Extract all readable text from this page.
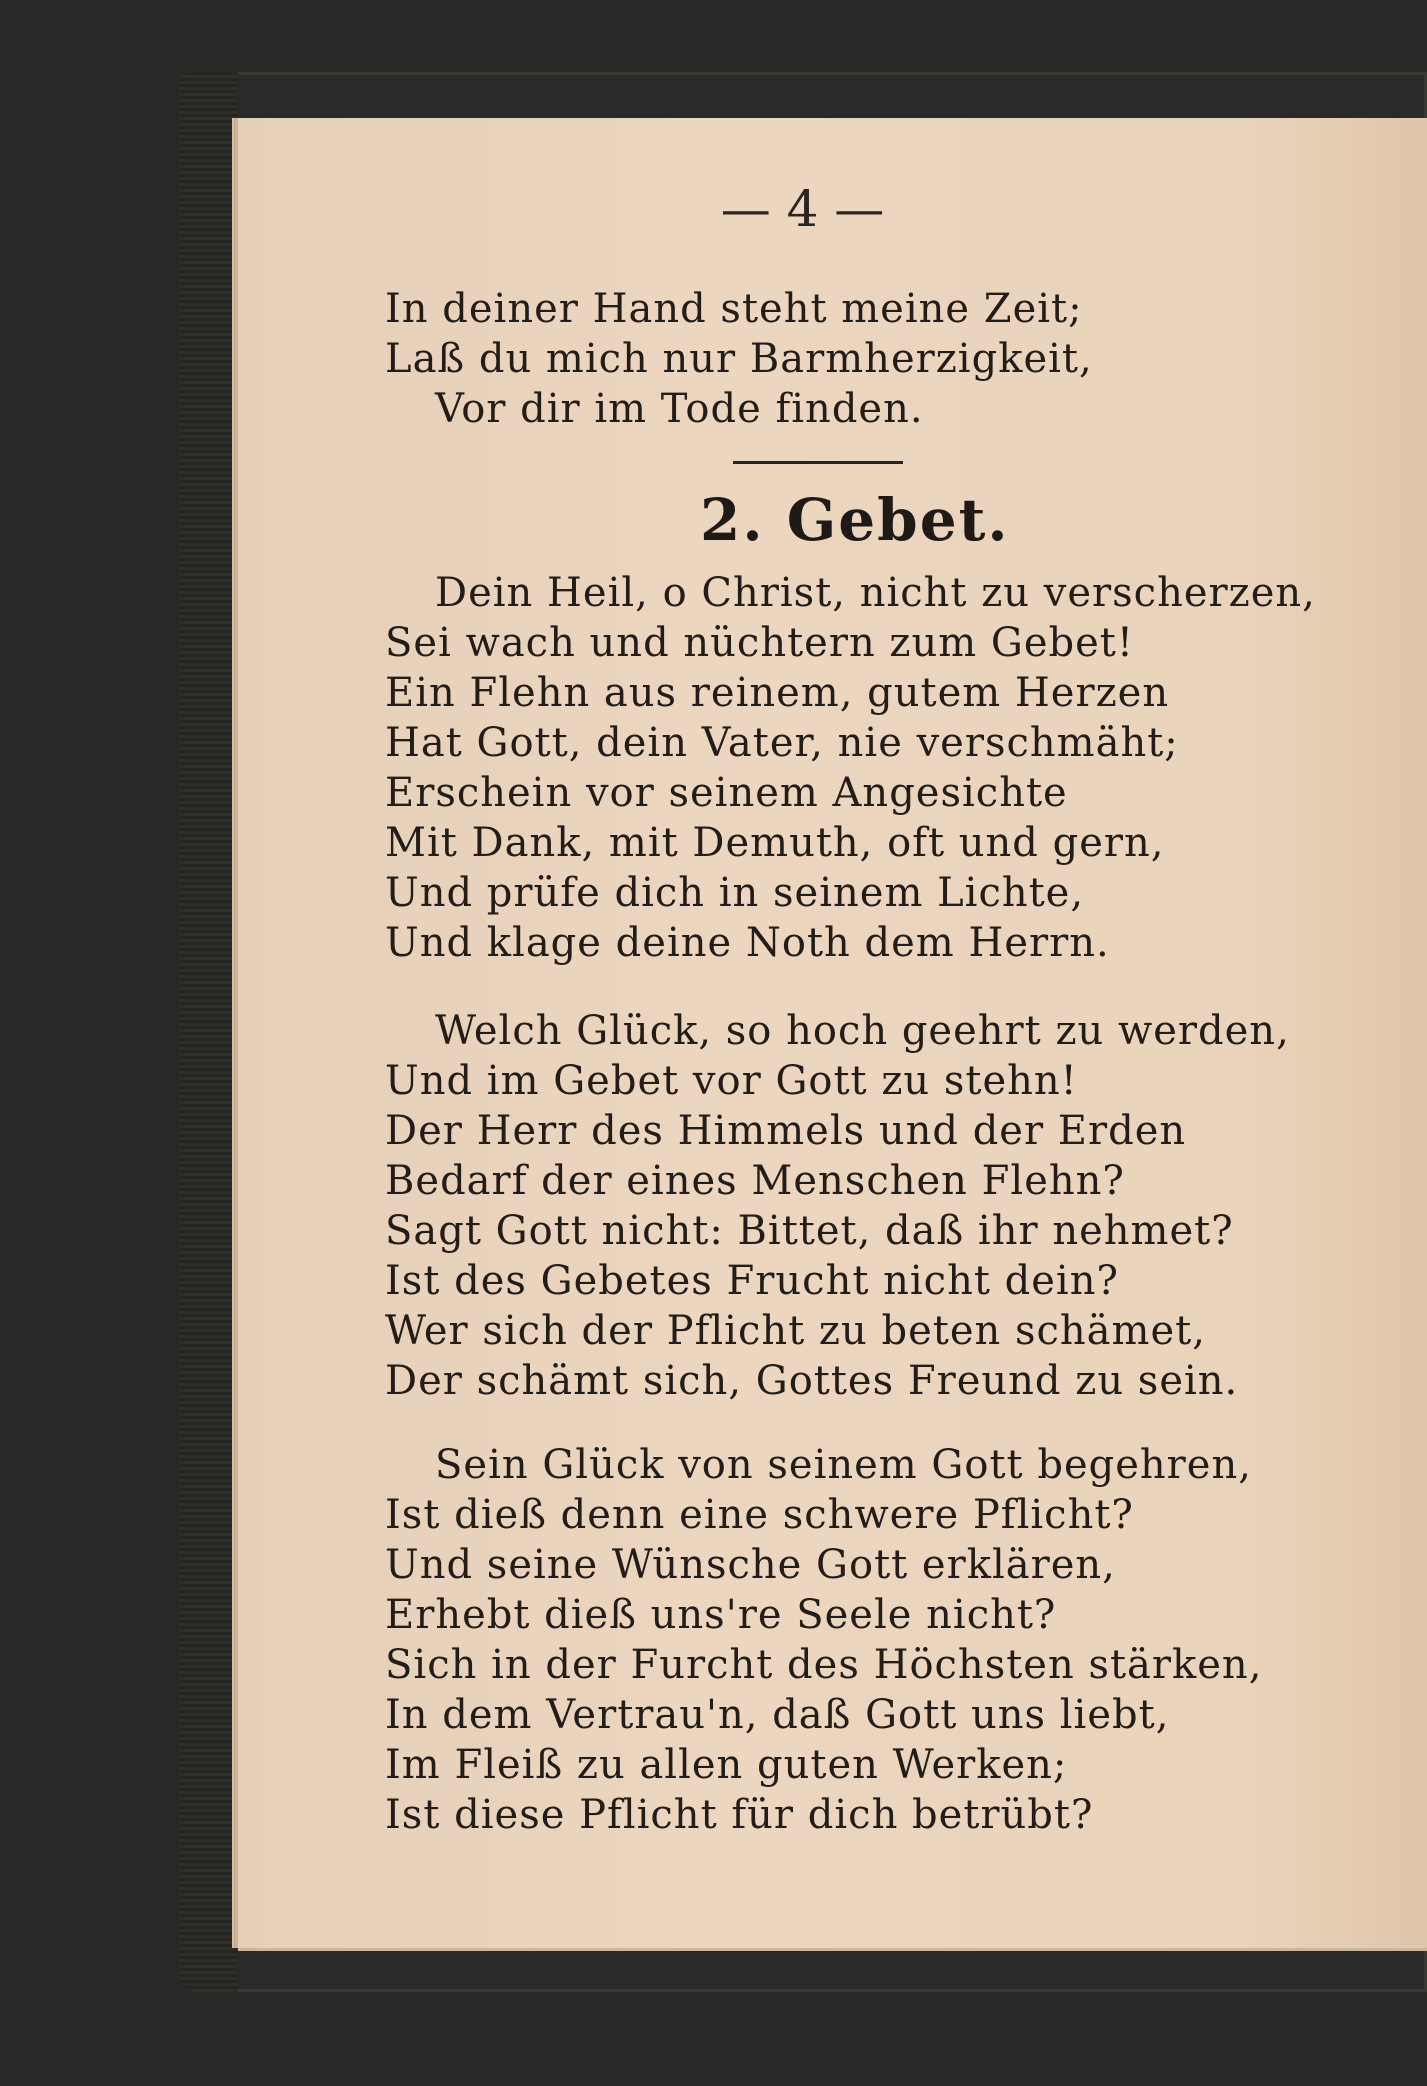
— 4 —
In deiner Hand steht meine Zeit;
Laß du mich nur Barmherzigkeit,
Vor dir im Tode finden.
2. Gebet.
Dein Heil, o Christ, nicht zu verscherzen,
Sei wach und nüchtern zum Gebet!
Ein Flehn aus reinem, gutem Herzen
Hat Gott, dein Vater, nie verschmäht;
Erschein vor seinem Angesichte
Mit Dank, mit Demuth, oft und gern,
Und prüfe dich in seinem Lichte,
Und klage deine Noth dem Herrn.
Welch Glück, so hoch geehrt zu werden,
Und im Gebet vor Gott zu stehn!
Der Herr des Himmels und der Erden
Bedarf der eines Menschen Flehn?
Sagt Gott nicht: Bittet, daß ihr nehmet?
Ist des Gebetes Frucht nicht dein?
Wer sich der Pflicht zu beten schämet,
Der schämt sich, Gottes Freund zu sein.
Sein Glück von seinem Gott begehren,
Ist dieß denn eine schwere Pflicht?
Und seine Wünsche Gott erklären,
Erhebt dieß uns're Seele nicht?
Sich in der Furcht des Höchsten stärken,
In dem Vertrau'n, daß Gott uns liebt,
Im Fleiß zu allen guten Werken;
Ist diese Pflicht für dich betrübt?
